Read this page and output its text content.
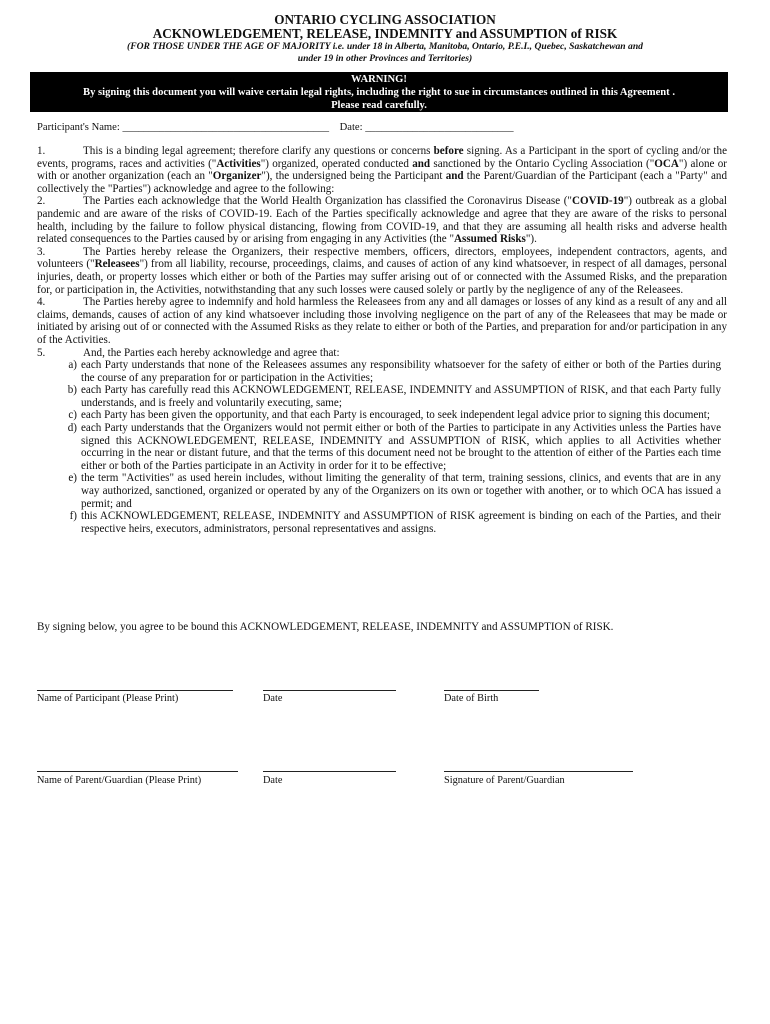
ONTARIO CYCLING ASSOCIATION
ACKNOWLEDGEMENT, RELEASE, INDEMNITY and ASSUMPTION of RISK
(FOR THOSE UNDER THE AGE OF MAJORITY i.e. under 18 in Alberta, Manitoba, Ontario, P.E.I., Quebec, Saskatchewan and under 19 in other Provinces and Territories)
WARNING!
By signing this document you will waive certain legal rights, including the right to sue in circumstances outlined in this Agreement . Please read carefully.
Participant's Name: _______________________________________ Date: ____________________________

1.	This is a binding legal agreement; therefore clarify any questions or concerns before signing. As a Participant in the sport of cycling and/or the events, programs, races and activities ("Activities") organized, operated conducted and sanctioned by the Ontario Cycling Association ("OCA") alone or with or another organization (each an "Organizer"), the undersigned being the Participant and the Parent/Guardian of the Participant (each a "Party" and collectively the "Parties") acknowledge and agree to the following:

2.	The Parties each acknowledge that the World Health Organization has classified the Coronavirus Disease ("COVID-19") outbreak as a global pandemic and are aware of the risks of COVID-19. Each of the Parties specifically acknowledge and agree that they are aware of the risks to personal health, including by the failure to follow physical distancing, flowing from COVID-19, and that they are assuming all health risks and adverse health related consequences to the Parties caused by or arising from engaging in any Activities (the "Assumed Risks").

3.	The Parties hereby release the Organizers, their respective members, officers, directors, employees, independent contractors, agents, and volunteers ("Releasees") from all liability, recourse, proceedings, claims, and causes of action of any kind whatsoever, in respect of all damages, personal injuries, death, or property losses which either or both of the Parties may suffer arising out of or connected with the Assumed Risks, and the preparation for, or participation in, the Activities, notwithstanding that any such losses were caused solely or partly by the negligence of any of the Releasees.

4.	The Parties hereby agree to indemnify and hold harmless the Releasees from any and all damages or losses of any kind as a result of any and all claims, demands, causes of action of any kind whatsoever including those involving negligence on the part of any of the Releasees that may be made or initiated by arising out of or connected with the Assumed Risks as they relate to either or both of the Parties, and preparation for and/or participation in any of the Activities.

5.	And, the Parties each hereby acknowledge and agree that:

a) each Party understands that none of the Releasees assumes any responsibility whatsoever for the safety of either or both of the Parties during the course of any preparation for or participation in the Activities;
b) each Party has carefully read this ACKNOWLEDGEMENT, RELEASE, INDEMNITY and ASSUMPTION of RISK, and that each Party fully understands, and is freely and voluntarily executing, same;
c) each Party has been given the opportunity, and that each Party is encouraged, to seek independent legal advice prior to signing this document;
d) each Party understands that the Organizers would not permit either or both of the Parties to participate in any Activities unless the Parties have signed this ACKNOWLEDGEMENT, RELEASE, INDEMNITY and ASSUMPTION of RISK, which applies to all Activities whether occurring in the near or distant future, and that the terms of this document need not be brought to the attention of either of the Parties each time either or both of the Parties participate in an Activity in order for it to be effective;
e) the term "Activities" as used herein includes, without limiting the generality of that term, training sessions, clinics, and events that are in any way authorized, sanctioned, organized or operated by any of the Organizers on its own or together with another, or to which OCA has issued a permit; and
f) this ACKNOWLEDGEMENT, RELEASE, INDEMNITY and ASSUMPTION of RISK agreement is binding on each of the Parties, and their respective heirs, executors, administrators, personal representatives and assigns.
By signing below, you agree to be bound this ACKNOWLEDGEMENT, RELEASE, INDEMNITY and ASSUMPTION of RISK.
Name of Participant (Please Print)	Date	Date of Birth
Name of Parent/Guardian (Please Print)	Date	Signature of Parent/Guardian
